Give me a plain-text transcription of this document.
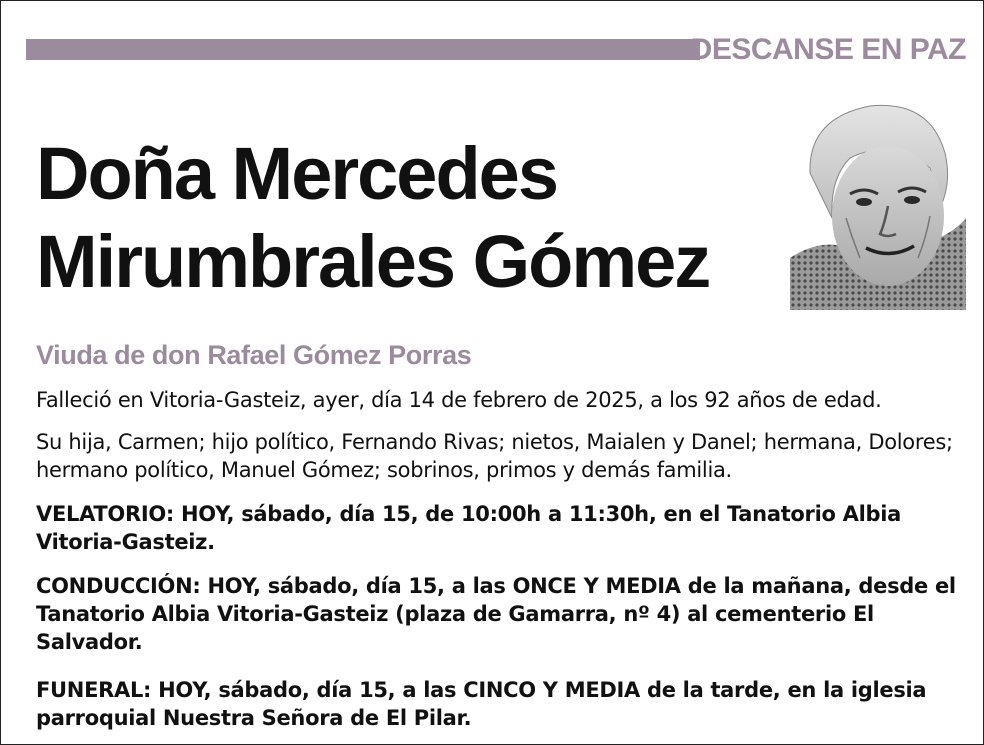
DESCANSE EN PAZ
Doña Mercedes
Mirumbrales Gómez
Viuda de don Rafael Gómez Porras

Falleció en Vitoria-Gasteiz, ayer, día 14 de febrero de 2025, a los 92 años de edad.

Su hija, Carmen; hijo político, Fernando Rivas; nietos, Maialen y Danel; hermana, Dolores; hermano político, Manuel Gómez; sobrinos, primos y demás familia.

VELATORIO: HOY, sábado, día 15, de 10:00h a 11:30h, en el Tanatorio Albia Vitoria-Gasteiz.

CONDUCCIÓN: HOY, sábado, día 15, a las ONCE Y MEDIA de la mañana, desde el Tanatorio Albia Vitoria-Gasteiz (plaza de Gamarra, nº 4) al cementerio El Salvador.

FUNERAL: HOY, sábado, día 15, a las CINCO Y MEDIA de la tarde, en la iglesia parroquial Nuestra Señora de El Pilar.
